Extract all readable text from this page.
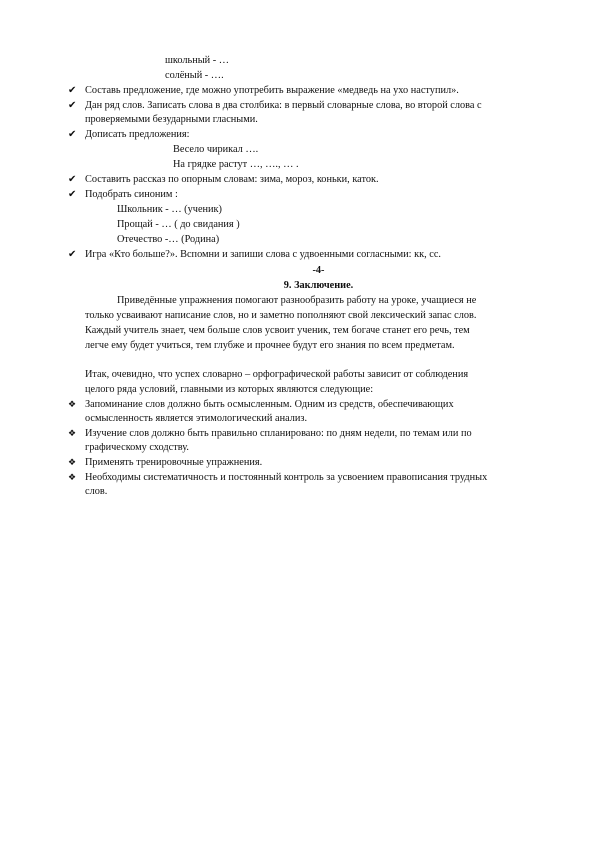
школьный - …
солёный - ….
✔ Составь предложение, где можно употребить выражение «медведь на ухо наступил».
✔ Дан ряд слов. Записать слова в два столбика: в первый словарные слова, во второй слова с
проверяемыми безударными гласными.
✔ Дописать предложения:
Весело чирикал ….
На грядке растут …, …., … .
✔ Составить рассказ по опорным словам: зима, мороз, коньки, каток.
✔ Подобрать синоним :
Школьник - … (ученик)
Прощай - … ( до свидания )
Отечество -… (Родина)
✔ Игра «Кто больше?». Вспомни и запиши слова с удвоенными согласными: кк, сс.
-4-
9. Заключение.
Приведённые упражнения помогают разнообразить работу на уроке, учащиеся не
только усваивают написание слов, но и заметно пополняют свой лексический запас слов.
Каждый учитель знает, чем больше слов усвоит ученик, тем богаче станет его речь, тем
легче ему будет учиться, тем глубже и прочнее будут его знания по всем предметам.
Итак, очевидно, что успех словарно – орфографической работы зависит от соблюдения
целого ряда условий, главными из которых являются следующие:
❖ Запоминание слов должно быть осмысленным. Одним из средств, обеспечивающих
осмысленность является этимологический анализ.
❖ Изучение слов должно быть правильно спланировано: по дням недели, по темам или по
графическому сходству.
❖ Применять тренировочные упражнения.
❖ Необходимы систематичность и постоянный контроль за усвоением правописания трудных
слов.
